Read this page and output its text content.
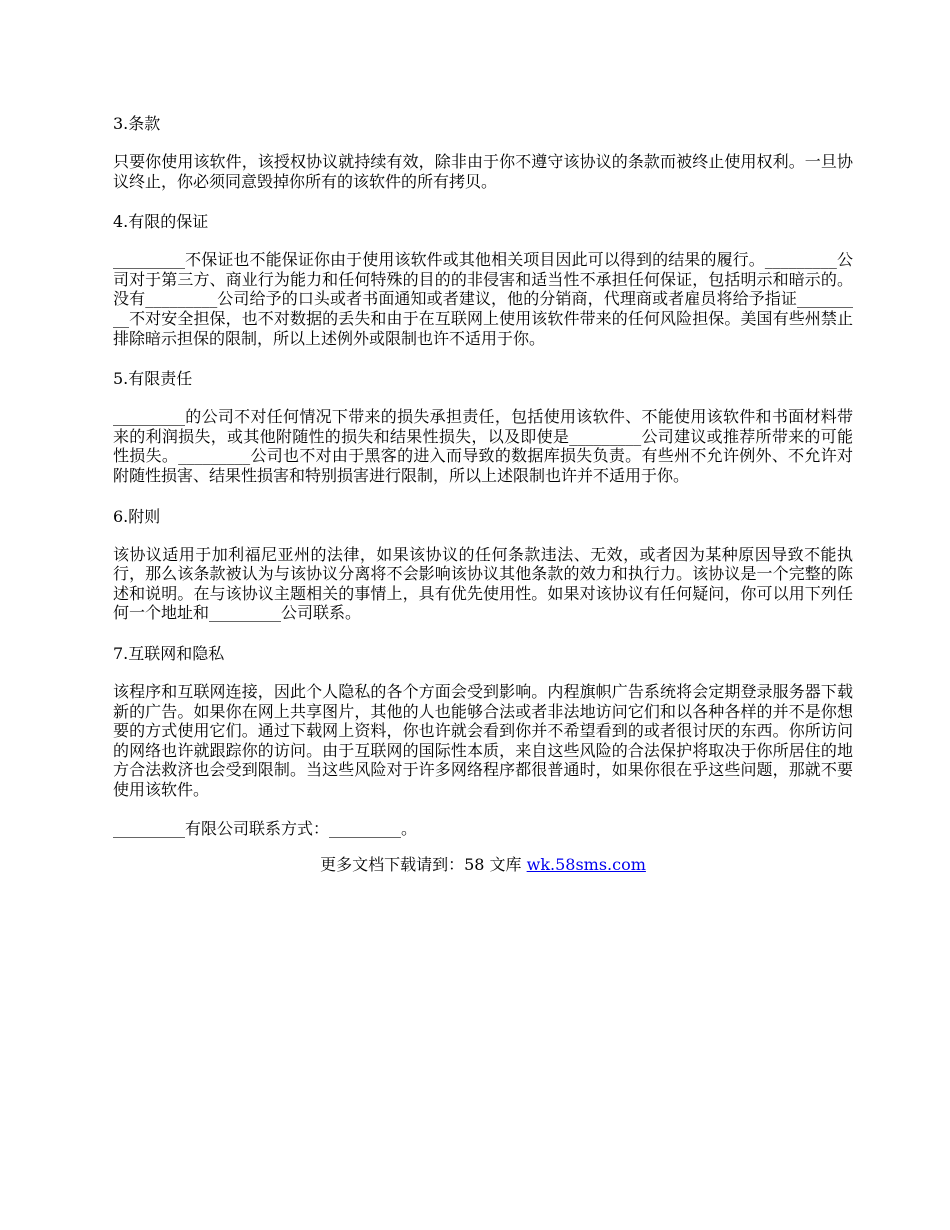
3.条款
只要你使用该软件，该授权协议就持续有效，除非由于你不遵守该协议的条款而被终止使用权利。一旦协议终止，你必须同意毁掉你所有的该软件的所有拷贝。
4.有限的保证
_________不保证也不能保证你由于使用该软件或其他相关项目因此可以得到的结果的履行。_________公司对于第三方、商业行为能力和任何特殊的目的的非侵害和适当性不承担任何保证，包括明示和暗示的。没有_________公司给予的口头或者书面通知或者建议，他的分销商，代理商或者雇员将给予指证_________不对安全担保，也不对数据的丢失和由于在互联网上使用该软件带来的任何风险担保。美国有些州禁止排除暗示担保的限制，所以上述例外或限制也许不适用于你。
5.有限责任
_________的公司不对任何情况下带来的损失承担责任，包括使用该软件、不能使用该软件和书面材料带来的利润损失，或其他附随性的损失和结果性损失，以及即使是_________公司建议或推荐所带来的可能性损失。_________公司也不对由于黑客的进入而导致的数据库损失负责。有些州不允许例外、不允许对附随性损害、结果性损害和特别损害进行限制，所以上述限制也许并不适用于你。
6.附则
该协议适用于加利福尼亚州的法律，如果该协议的任何条款违法、无效，或者因为某种原因导致不能执行，那么该条款被认为与该协议分离将不会影响该协议其他条款的效力和执行力。该协议是一个完整的陈述和说明。在与该协议主题相关的事情上，具有优先使用性。如果对该协议有任何疑问，你可以用下列任何一个地址和_________公司联系。
7.互联网和隐私
该程序和互联网连接，因此个人隐私的各个方面会受到影响。内程旗帜广告系统将会定期登录服务器下载新的广告。如果你在网上共享图片，其他的人也能够合法或者非法地访问它们和以各种各样的并不是你想要的方式使用它们。通过下载网上资料，你也许就会看到你并不希望看到的或者很讨厌的东西。你所访问的网络也许就跟踪你的访问。由于互联网的国际性本质，来自这些风险的合法保护将取决于你所居住的地方合法救济也会受到限制。当这些风险对于许多网络程序都很普通时，如果你很在乎这些问题，那就不要使用该软件。
_________有限公司联系方式：_________。
更多文档下载请到：58 文库 wk.58sms.com
